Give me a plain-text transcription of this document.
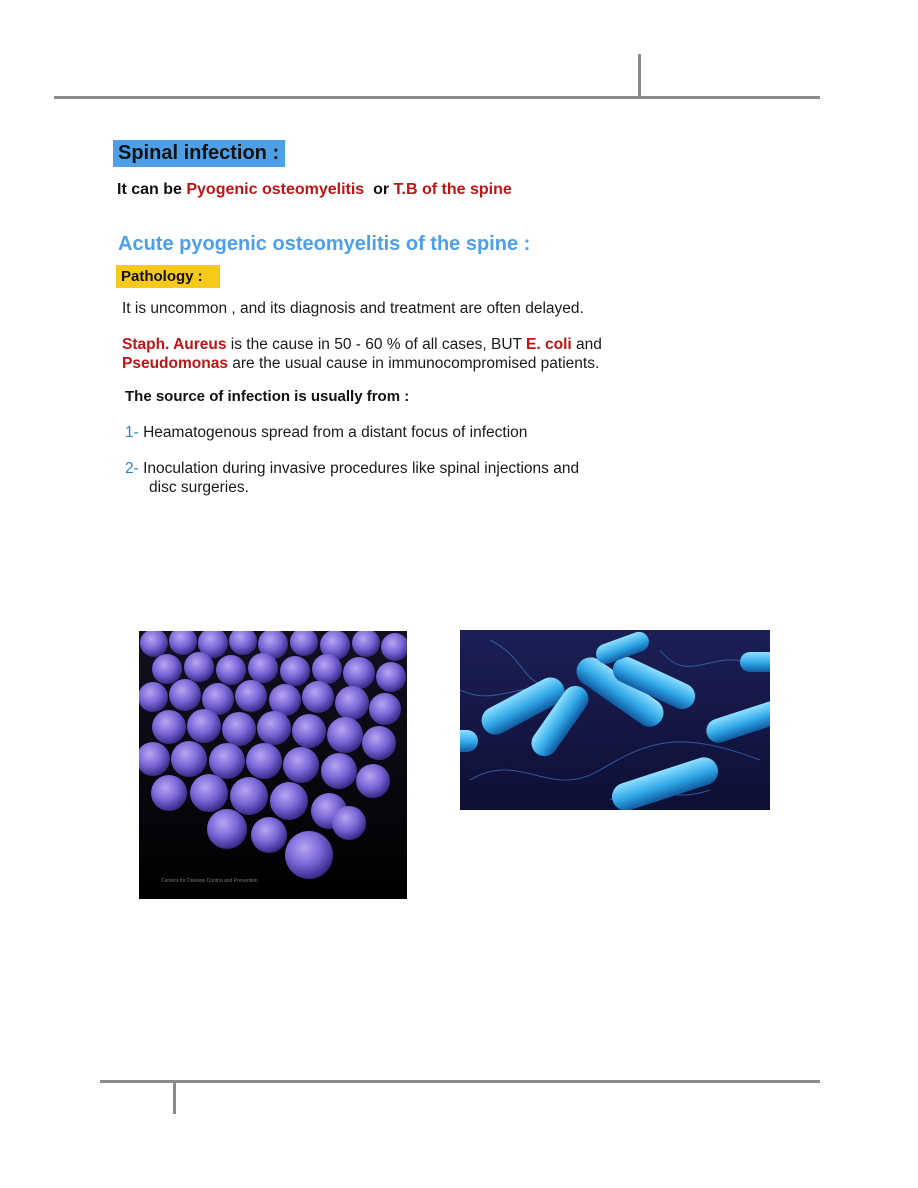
Spinal infection :
It can be Pyogenic osteomyelitis  or T.B of the spine
Acute pyogenic osteomyelitis of the spine :
Pathology :
It is uncommon , and its diagnosis and treatment are often delayed.
Staph. Aureus is the cause in 50 - 60 % of all cases, BUT E. coli and
Pseudomonas are the usual cause in immunocompromised patients.
The source of infection is usually from :
1- Heamatogenous spread from a distant focus of infection
2- Inoculation during invasive procedures like spinal injections and
disc surgeries.
Centers for Disease Control and Prevention
